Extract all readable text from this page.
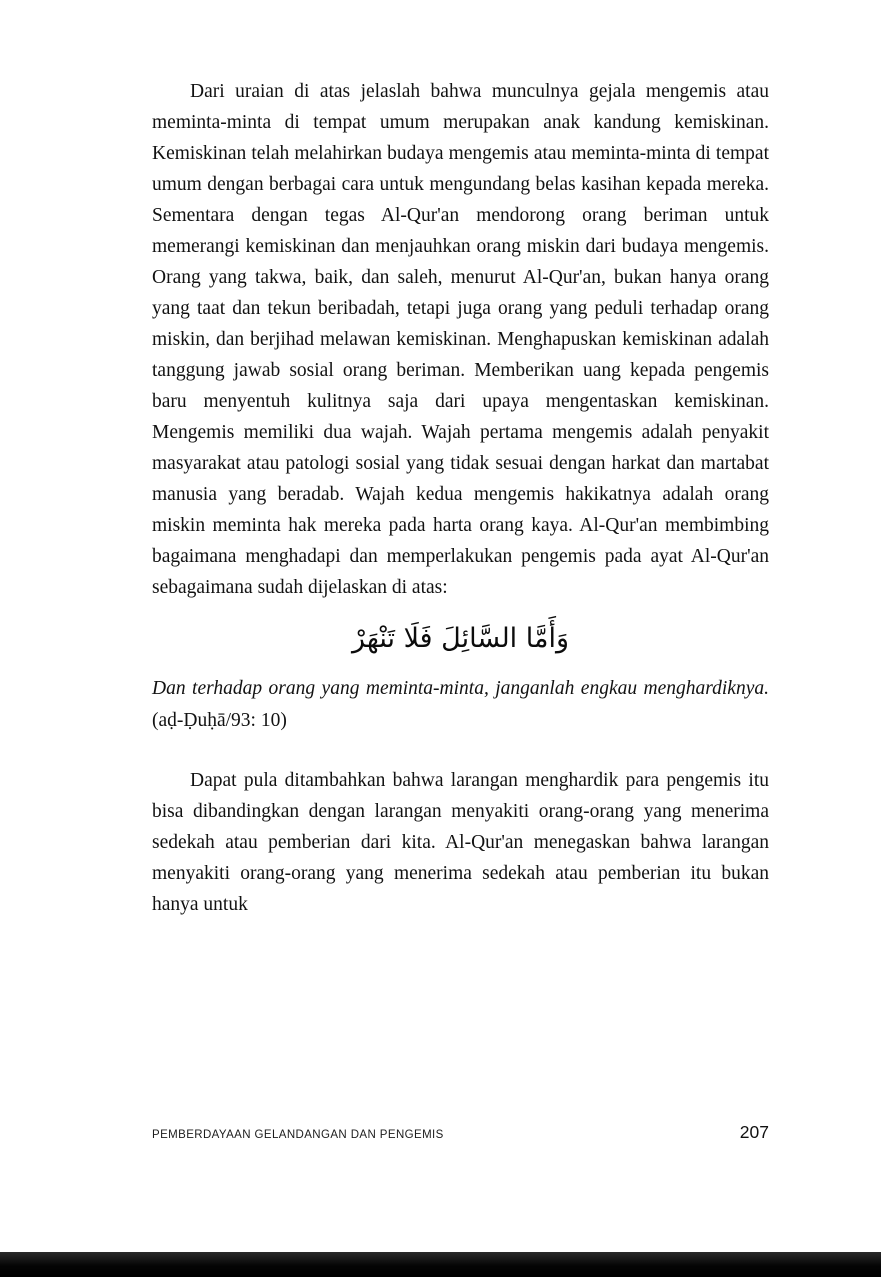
Dari uraian di atas jelaslah bahwa munculnya gejala mengemis atau meminta-minta di tempat umum merupakan anak kandung kemiskinan. Kemiskinan telah melahirkan budaya mengemis atau meminta-minta di tempat umum dengan berbagai cara untuk mengundang belas kasihan kepada mereka. Sementara dengan tegas Al-Qur'an mendorong orang beriman untuk memerangi kemiskinan dan menjauhkan orang miskin dari budaya mengemis. Orang yang takwa, baik, dan saleh, menurut Al-Qur'an, bukan hanya orang yang taat dan tekun beribadah, tetapi juga orang yang peduli terhadap orang miskin, dan berjihad melawan kemiskinan. Menghapuskan kemiskinan adalah tanggung jawab sosial orang beriman. Memberikan uang kepada pengemis baru menyentuh kulitnya saja dari upaya mengentaskan kemiskinan. Mengemis memiliki dua wajah. Wajah pertama mengemis adalah penyakit masyarakat atau patologi sosial yang tidak sesuai dengan harkat dan martabat manusia yang beradab. Wajah kedua mengemis hakikatnya adalah orang miskin meminta hak mereka pada harta orang kaya. Al-Qur'an membimbing bagaimana menghadapi dan memperlakukan pengemis pada ayat Al-Qur'an sebagaimana sudah dijelaskan di atas:

وَأَمَّا السَّائِلَ فَلَا تَنْهَرْ

Dan terhadap orang yang meminta-minta, janganlah engkau menghardiknya. (aḍ-Ḍuḥā/93: 10)

Dapat pula ditambahkan bahwa larangan menghardik para pengemis itu bisa dibandingkan dengan larangan menyakiti orang-orang yang menerima sedekah atau pemberian dari kita. Al-Qur'an menegaskan bahwa larangan menyakiti orang-orang yang menerima sedekah atau pemberian itu bukan hanya untuk

PEMBERDAYAAN GELANDANGAN DAN PENGEMIS	207
